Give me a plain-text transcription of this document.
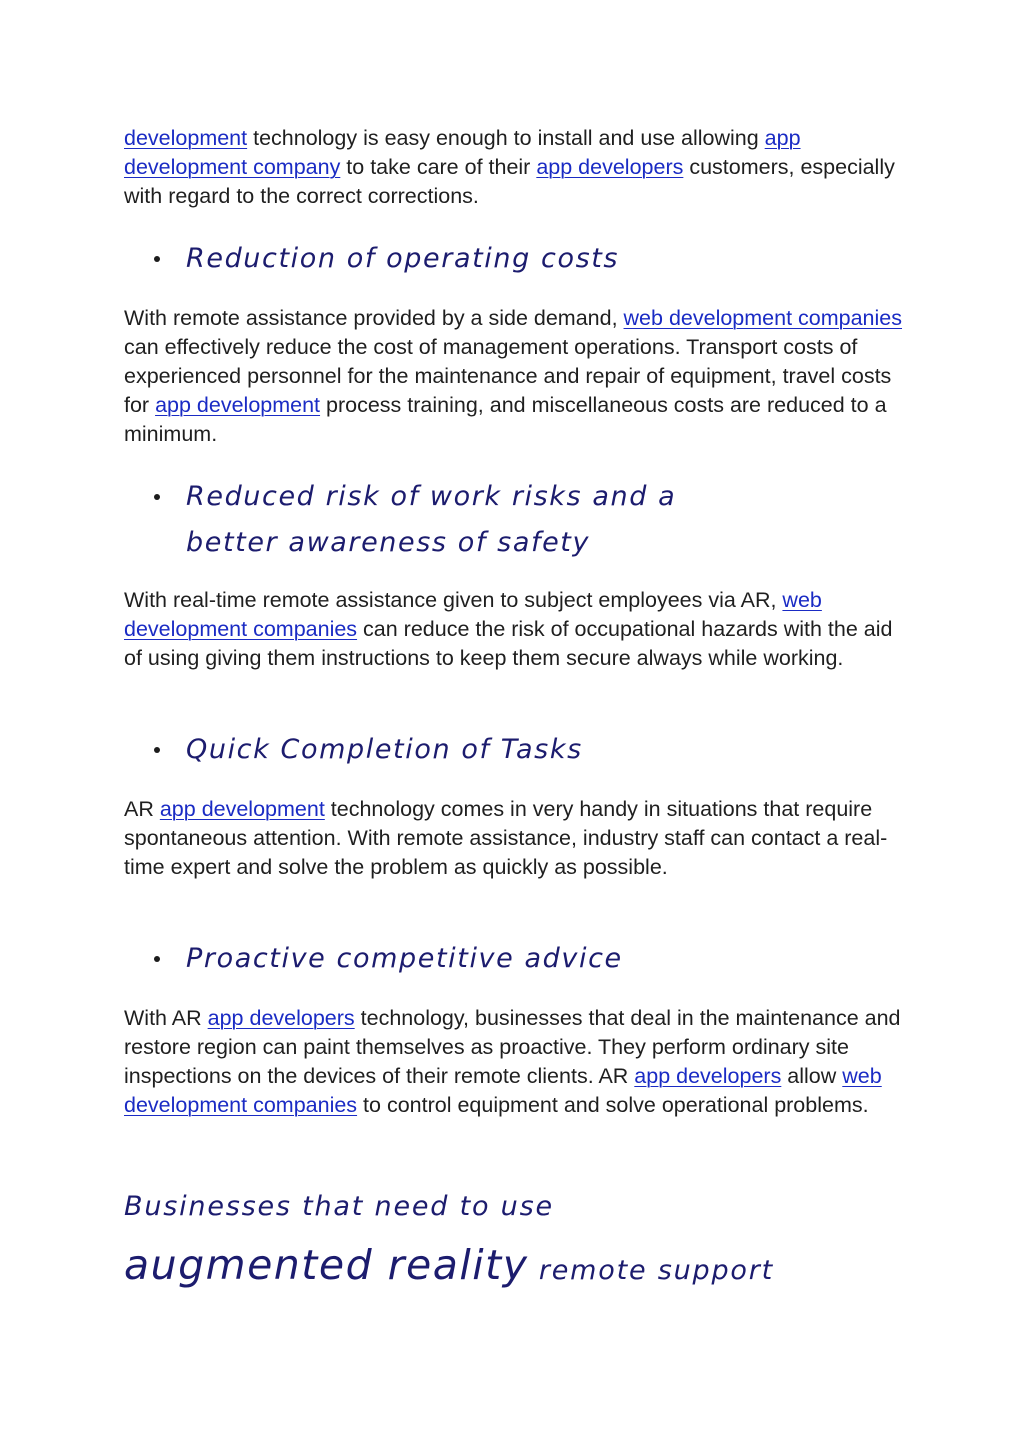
development technology is easy enough to install and use allowing app development company to take care of their app developers customers, especially with regard to the correct corrections.

Reduction of operating costs

With remote assistance provided by a side demand, web development companies can effectively reduce the cost of management operations. Transport costs of experienced personnel for the maintenance and repair of equipment, travel costs for app development process training, and miscellaneous costs are reduced to a minimum.

Reduced risk of work risks and a better awareness of safety

With real-time remote assistance given to subject employees via AR, web development companies can reduce the risk of occupational hazards with the aid of using giving them instructions to keep them secure always while working.

Quick Completion of Tasks

AR app development technology comes in very handy in situations that require spontaneous attention. With remote assistance, industry staff can contact a real-time expert and solve the problem as quickly as possible.

Proactive competitive advice

With AR app developers technology, businesses that deal in the maintenance and restore region can paint themselves as proactive. They perform ordinary site inspections on the devices of their remote clients. AR app developers allow web development companies to control equipment and solve operational problems.

Businesses that need to use augmented reality remote support
